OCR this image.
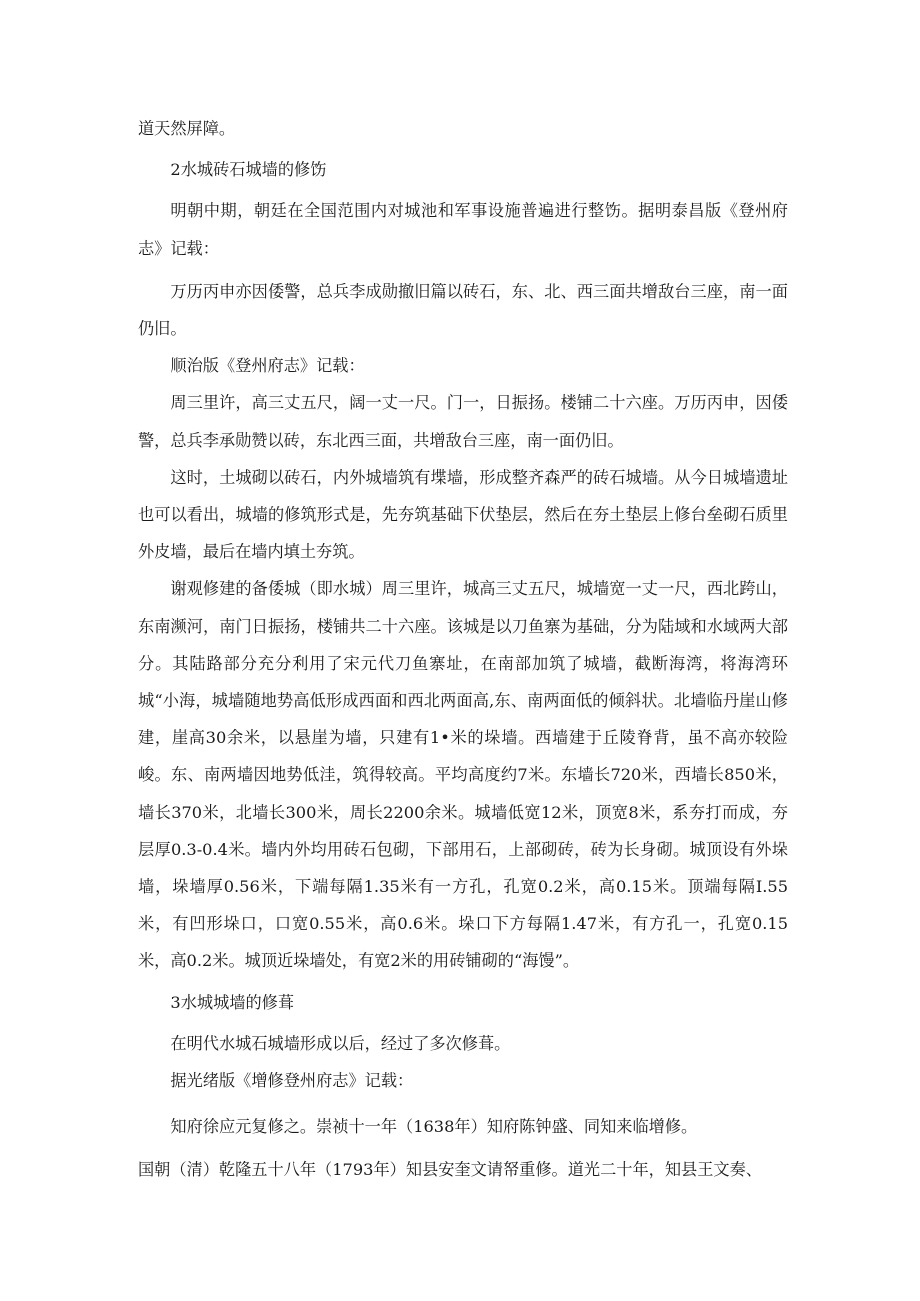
道天然屏障。

2水城砖石城墙的修饬

明朝中期，朝廷在全国范围内对城池和军事设施普遍进行整饬。据明泰昌版《登州府志》记载：

万历丙申亦因倭警，总兵李成勋撤旧篇以砖石，东、北、西三面共增敌台三座，南一面仍旧。

顺治版《登州府志》记载：

周三里许，高三丈五尺，阔一丈一尺。门一，日振扬。楼铺二十六座。万历丙申，因倭警，总兵李承勋赞以砖，东北西三面，共增敌台三座，南一面仍旧。

这时，土城砌以砖石，内外城墙筑有堞墙，形成整齐森严的砖石城墙。从今日城墙遗址也可以看出，城墙的修筑形式是，先夯筑基础下伏垫层，然后在夯土垫层上修台垒砌石质里外皮墙，最后在墙内填土夯筑。

谢观修建的备倭城（即水城）周三里许，城高三丈五尺，城墙宽一丈一尺，西北跨山，东南濒河，南门日振扬，楼铺共二十六座。该城是以刀鱼寨为基础，分为陆域和水域两大部分。其陆路部分充分利用了宋元代刀鱼寨址，在南部加筑了城墙，截断海湾，将海湾环城“小海，城墙随地势高低形成西面和西北两面高,东、南两面低的倾斜状。北墙临丹崖山修建，崖高30余米，以悬崖为墙，只建有1•米的垛墙。西墙建于丘陵脊背，虽不高亦较险峻。东、南两墙因地势低洼，筑得较高。平均高度约7米。东墙长720米，西墙长850米，墙长370米，北墙长300米，周长2200余米。城墙低宽12米，顶宽8米，系夯打而成，夯层厚0.3-0.4米。墙内外均用砖石包砌，下部用石，上部砌砖，砖为长身砌。城顶设有外垛墙，垛墙厚0.56米，下端每隔1.35米有一方孔，孔宽0.2米，高0.15米。顶端每隔I.55米，有凹形垛口，口宽0.55米，高0.6米。垛口下方每隔1.47米，有方孔一，孔宽0.15米，高0.2米。城顶近垛墙处，有宽2米的用砖铺砌的“海馒”。

3水城城墙的修葺

在明代水城石城墙形成以后，经过了多次修葺。

据光绪版《增修登州府志》记载：

知府徐应元复修之。崇祯十一年（1638年）知府陈钟盛、同知来临增修。

国朝（清）乾隆五十八年（1793年）知县安奎文请帑重修。道光二十年，知县王文奏、
